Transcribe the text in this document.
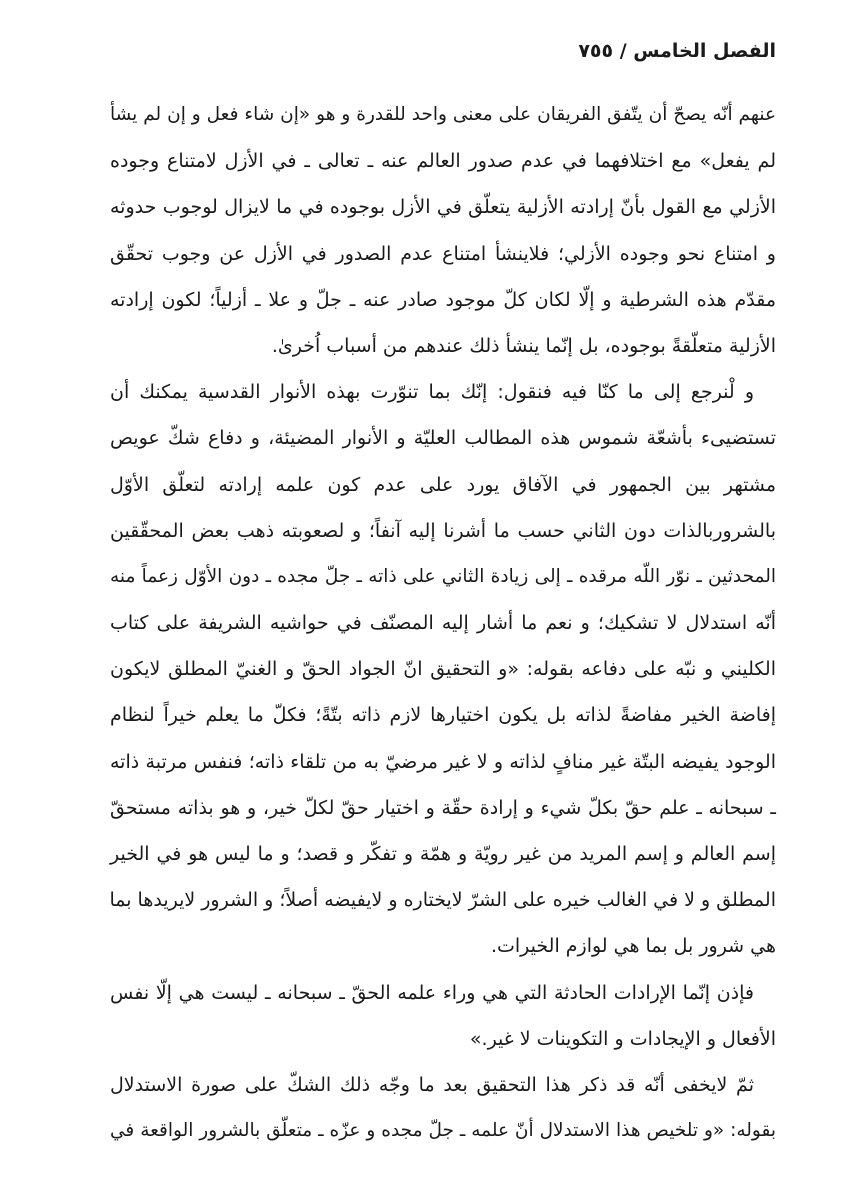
الفصل الخامس / ٧٥٥
عنهم أنّه يصحّ أن يتّفق الفريقان على معنى واحد للقدرة و هو «إن شاء فعل و إن لم يشأ
لم يفعل» مع اختلافهما في عدم صدور العالم عنه ـ تعالى ـ في الأزل لامتناع وجوده
الأزلي مع القول بأنّ إرادته الأزلية يتعلّق في الأزل بوجوده في ما لايزال لوجوب حدوثه
و امتناع نحو وجوده الأزلي؛ فلاينشأ امتناع عدم الصدور في الأزل عن وجوب تحقّق
مقدّم هذه الشرطية و إلّا لكان كلّ موجود صادر عنه ـ جلّ و علا ـ أزلياً؛ لكون إرادته
الأزلية متعلّقةً بوجوده، بل إنّما ينشأ ذلك عندهم من أسباب اُخرىٰ.
و لْنرجع إلى ما كنّا فيه فنقول: إنّك بما تنوّرت بهذه الأنوار القدسية يمكنك أن
تستضيىء بأشعّة شموس هذه المطالب العليّة و الأنوار المضيئة، و دفاع شكّ عويص
مشتهر بين الجمهور في الآفاق يورد على عدم كون علمه إرادته لتعلّق الأوّل
بالشروربالذات دون الثاني حسب ما أشرنا إليه آنفاً؛ و لصعوبته ذهب بعض المحقّقين
المحدثين ـ نوّر اللّه مرقده ـ إلى زيادة الثاني على ذاته ـ جلّ مجده ـ دون الأوّل زعماً منه
أنّه استدلال لا تشكيك؛ و نعم ما أشار إليه المصنّف في حواشيه الشريفة على كتاب
الكليني و نبّه على دفاعه بقوله: «و التحقيق انّ الجواد الحقّ و الغنيّ المطلق لايكون
إفاضة الخير مفاضةً لذاته بل يكون اختيارها لازم ذاته بتّةً؛ فكلّ ما يعلم خيراً لنظام
الوجود يفيضه البتّة غير منافٍ لذاته و لا غير مرضيّ به من تلقاء ذاته؛ فنفس مرتبة ذاته
ـ سبحانه ـ علم حقّ بكلّ شيء و إرادة حقّة و اختيار حقّ لكلّ خير، و هو بذاته مستحقّ
إسم العالم و إسم المريد من غير رويّة و همّة و تفكّر و قصد؛ و ما ليس هو في الخير
المطلق و لا في الغالب خيره على الشرّ لايختاره و لايفيضه أصلاً؛ و الشرور لايريدها بما
هي شرور بل بما هي لوازم الخيرات.
فإذن إنّما الإرادات الحادثة التي هي وراء علمه الحقّ ـ سبحانه ـ ليست هي إلّا نفس
الأفعال و الإيجادات و التكوينات لا غير.»
ثمّ لايخفى أنّه قد ذكر هذا التحقيق بعد ما وجّه ذلك الشكّ على صورة الاستدلال
بقوله: «و تلخيص هذا الاستدلال أنّ علمه ـ جلّ مجده و عزّه ـ متعلّق بالشرور الواقعة في
